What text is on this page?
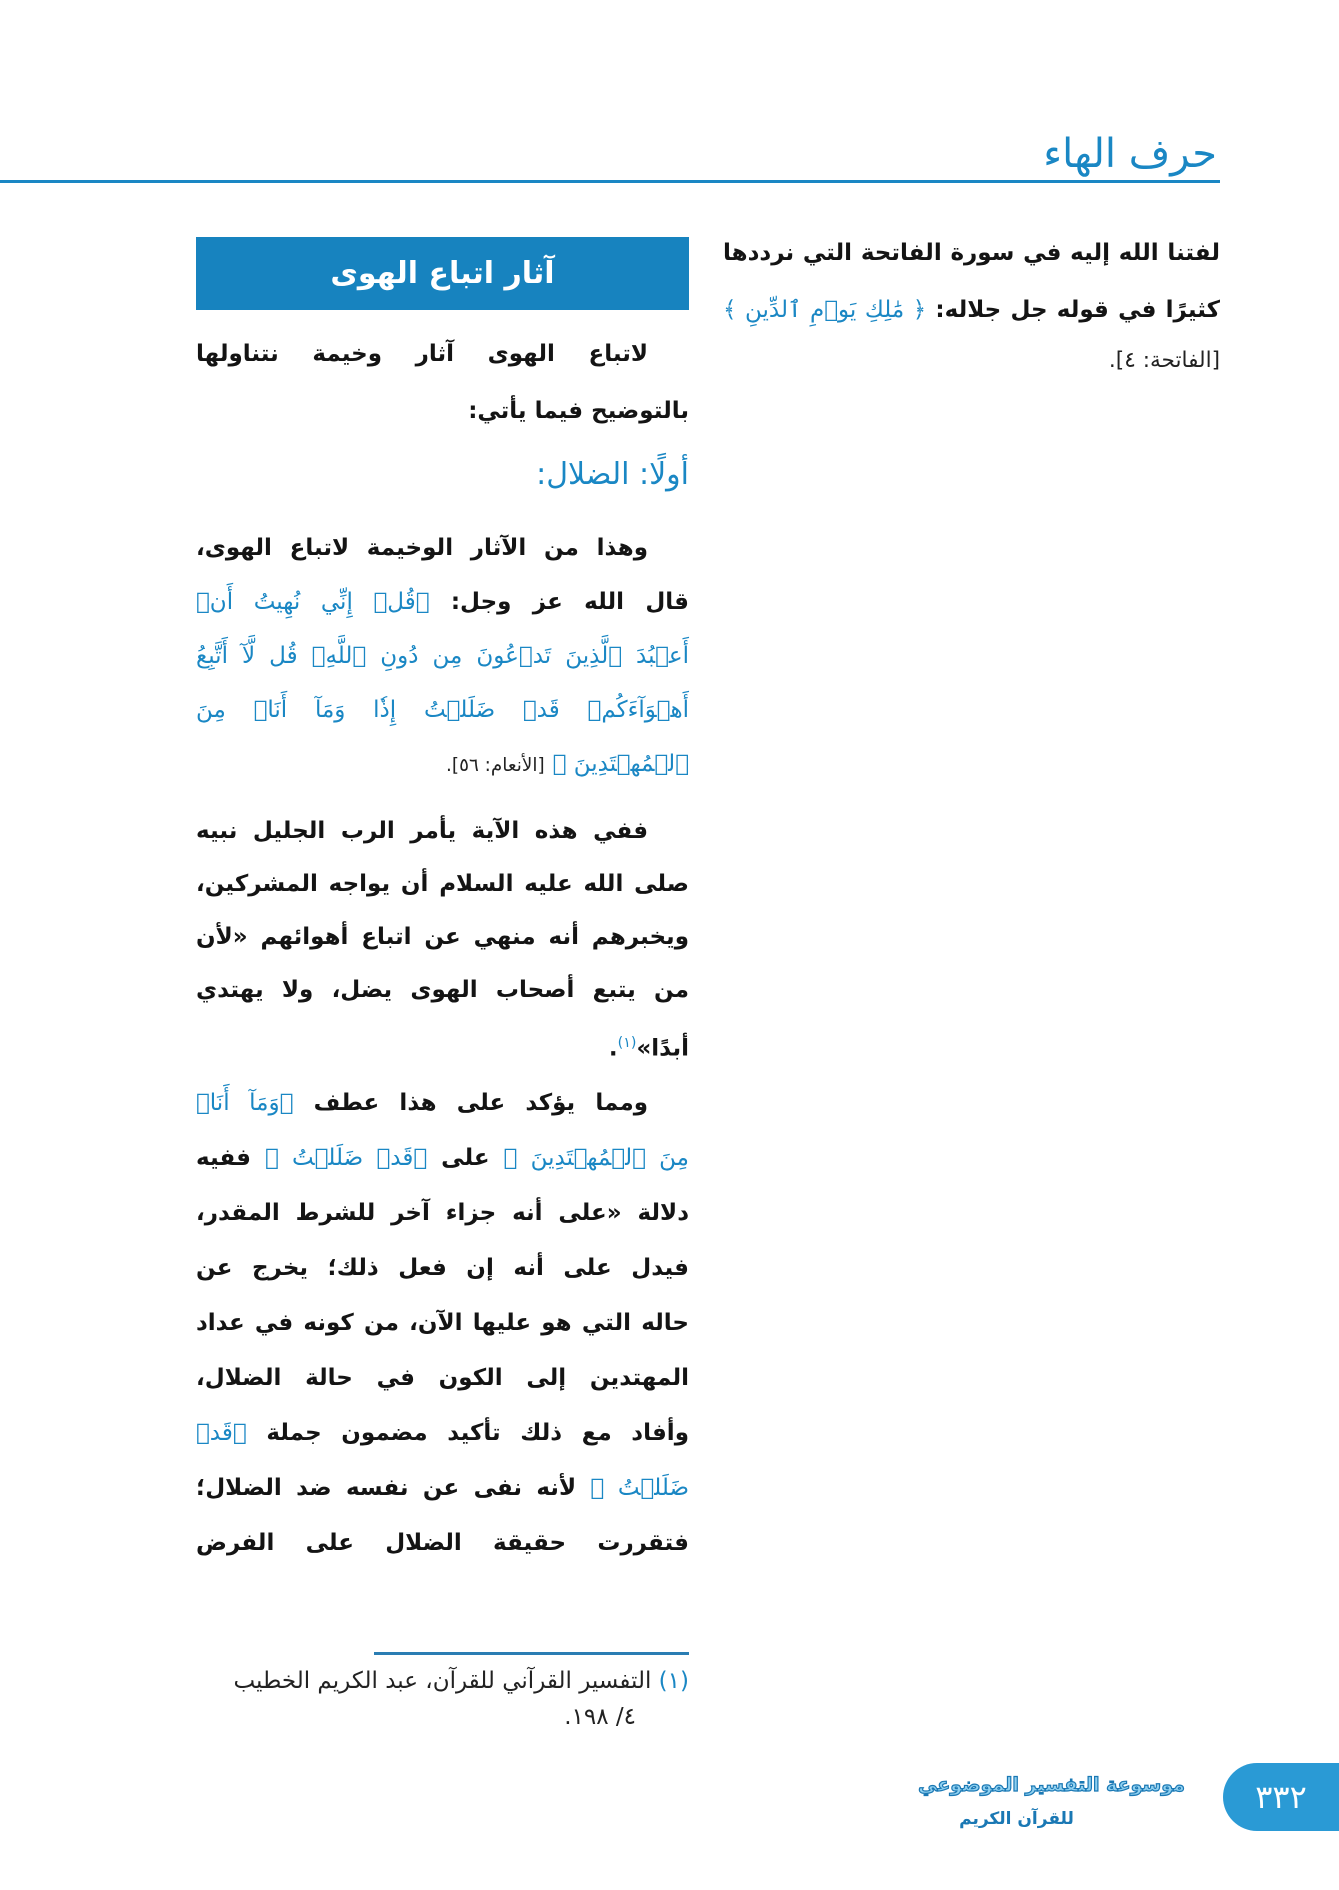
حرف الهاء
لفتنا الله إليه في سورة الفاتحة التي نرددها
كثيرًا في قوله جل جلاله: ﴿ مَٰلِكِ يَوۡمِ ٱلدِّينِ ﴾
[الفاتحة: ٤].
آثار اتباع الهوى
لاتباع الهوى آثار وخيمة نتناولها
بالتوضيح فيما يأتي:
أولًا: الضلال:
وهذا من الآثار الوخيمة لاتباع الهوى،
قال الله عز وجل: ﴿قُلۡ إِنِّي نُهِيتُ أَنۡ
أَعۡبُدَ ٱلَّذِينَ تَدۡعُونَ مِن دُونِ ٱللَّهِۚ قُل لَّآ أَتَّبِعُ
أَهۡوَآءَكُمۡ قَدۡ ضَلَلۡتُ إِذٗا وَمَآ أَنَا۠ مِنَ
ٱلۡمُهۡتَدِينَ ﴾ [الأنعام: ٥٦].
ففي هذه الآية يأمر الرب الجليل نبيه
صلى الله عليه السلام أن يواجه المشركين،
ويخبرهم أنه منهي عن اتباع أهوائهم «لأن
من يتبع أصحاب الهوى يضل، ولا يهتدي
أبدًا»$^{(١)}$.
ومما يؤكد على هذا عطف ﴿وَمَآ أَنَا۠
مِنَ ٱلۡمُهۡتَدِينَ ﴾ على ﴿قَدۡ ضَلَلۡتُ ﴾ ففيه
دلالة «على أنه جزاء آخر للشرط المقدر،
فيدل على أنه إن فعل ذلك؛ يخرج عن
حاله التي هو عليها الآن، من كونه في عداد
المهتدين إلى الكون في حالة الضلال،
وأفاد مع ذلك تأكيد مضمون جملة ﴿قَدۡ
ضَلَلۡتُ ﴾ لأنه نفى عن نفسه ضد الضلال؛
فتقررت حقيقة الضلال على الفرض
(١) التفسير القرآني للقرآن، عبد الكريم الخطيب
٤/ ١٩٨.
موسوعة التفسير الموضوعي
للقرآن الكريم
٣٣٢
